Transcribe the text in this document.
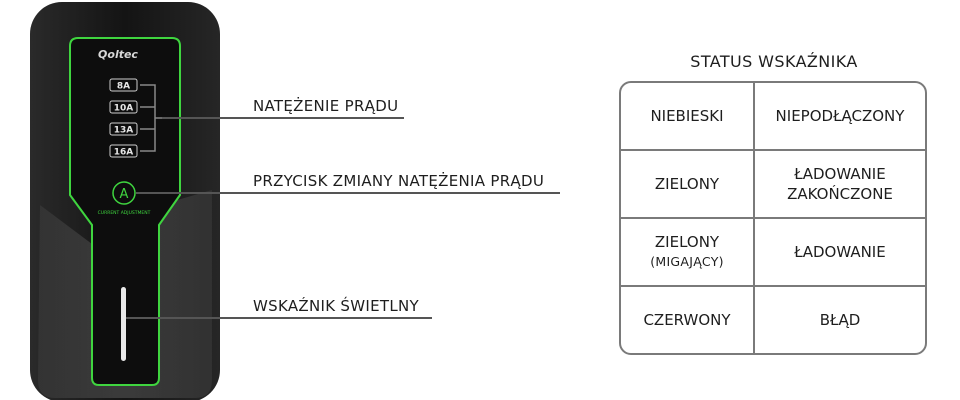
Qoltec
8A
10A
13A
16A
A
CURRENT ADJUSTMENT
NATĘŻENIE PRĄDU
PRZYCISK ZMIANY NATĘŻENIA PRĄDU
WSKAŹNIK ŚWIETLNY
STATUS WSKAŹNIKA
NIEBIESKI	NIEPODŁĄCZONY
ZIELONY
ŁADOWANIE
ZAKOŃCZONE
ZIELONY
(MIGAJĄCY)
ŁADOWANIE
CZERWONY	BŁĄD
